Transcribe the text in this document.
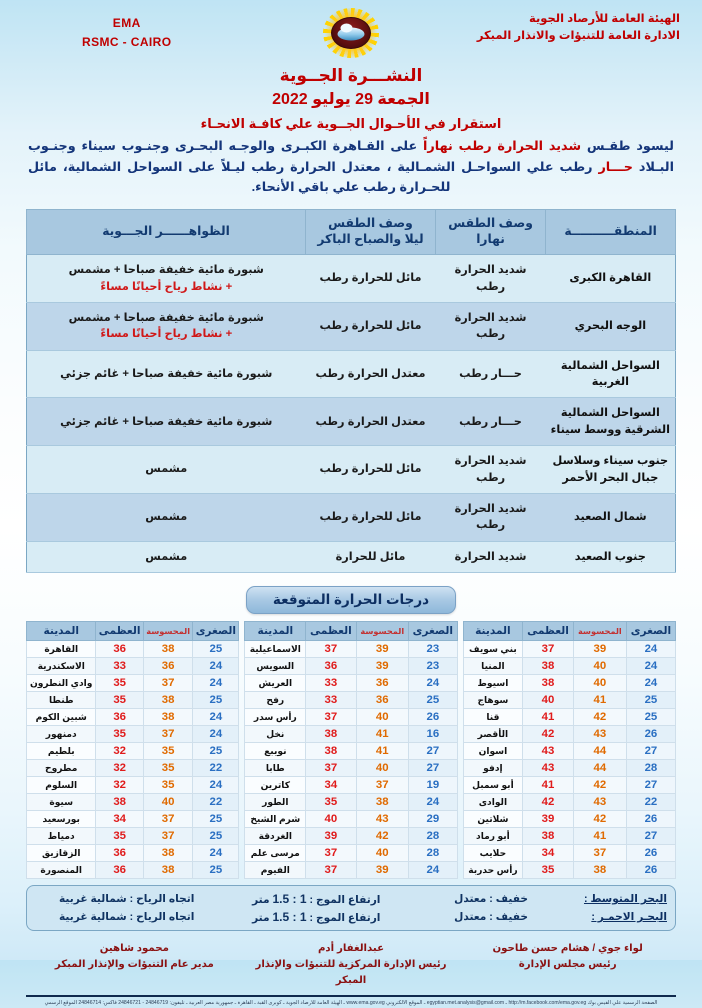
الهيئة العامة للأرصاد الجوية
الادارة العامة للتنبؤات والانذار المبكر
EMA
RSMC - CAIRO
النشـــرة الجــوية
الجمعة 29 يوليو 2022
استقرار في الأحـوال الجــوية علي كافـة الانحـاء
ليسود طقـس شديد الحرارة رطب نهاراً على القـاهرة الكبـرى والوجـه البحـرى وجنـوب سيناء وجنـوب البـلاد حـــار رطب علي السواحـل الشمـالية ، معتدل الحرارة رطب ليـلاً على السواحل الشمالية، مائل للحـرارة رطب علي باقي الأنحاء.
المنطقــــــــــة	
وصف الطقس
نهارا

وصف الطقس
ليلا والصباح الباكر
	الظواهــــــر الجـــوية
القاهرة الكبرى	شديد الحرارة رطب	مائل للحرارة رطب	شبورة مائية خفيفة صباحا + مشمس
+ نشاط رياح أحيانًا مساءً

الوجه البحري	شديد الحرارة رطب	مائل للحرارة رطب	شبورة مائية خفيفة صباحا + مشمس
+ نشاط رياح أحيانًا مساءً

السواحل الشمالية الغربية	حـــار رطب	معتدل الحرارة رطب	شبورة مائية خفيفة صباحا + غائم جزئي

السواحل الشمالية الشرقية ووسط سيناء	حـــار رطب	معتدل الحرارة رطب	شبورة مائية خفيفة صباحا + غائم جزئي

جنوب سيناء وسلاسل جبال البحر الأحمر	شديد الحرارة رطب	مائل للحرارة رطب	مشمس

شمال الصعيد	شديد الحرارة رطب	مائل للحرارة رطب	مشمس

جنوب الصعيد	شديد الحرارة	مائل للحرارة	مشمس
درجات الحرارة المتوقعة
الصغرى	المحسوسة	العظمى	المدينة
24	39	37	بني سويف
24	40	38	المنيا
24	40	38	اسيوط
25	41	40	سوهاج
25	42	41	قنا
26	43	42	الأقصر
27	44	43	اسوان
28	44	43	إدفو
27	42	41	أبو سمبل
22	43	42	الوادى
26	42	39	شلاتين
27	41	38	أبو رماد
26	37	34	حلايب
26	38	35	رأس حدربة
الصغرى	المحسوسة	العظمى	المدينة
23	39	37	الاسماعيلية
23	39	36	السويس
24	36	33	العريش
25	36	33	رفح
26	40	37	رأس سدر
16	41	38	نخل
27	41	38	نويبع
27	40	37	طابا
19	37	34	كاترين
24	38	35	الطور
29	43	40	شرم الشيخ
28	42	39	الغردقة
28	40	37	مرسى علم
24	39	37	الفيوم
الصغرى	المحسوسة	العظمى	المدينة
25	38	36	القاهرة
24	36	33	الاسكندرية
24	37	35	وادي النطرون
25	38	35	طنطا
24	38	36	شبين الكوم
24	37	35	دمنهور
25	35	32	بلطيم
22	35	32	مطروح
24	35	32	السلوم
22	40	38	سيوة
25	37	34	بورسعيد
25	37	35	دمياط
24	38	36	الزقازيق
25	38	36	المنصورة
البحر المتوسط :
خفيف : معتدل
ارتفاع الموج : 1 : 1.5 متر
اتجاه الرياح : شمالية غربية
البحـر الاحمـر :
خفيف : معتدل
ارتفاع الموج : 1 : 1.5 متر
اتجاه الرياح : شمالية غربية
لواء جوي / هشام حسن طاحون
رئيس مجلس الإدارة
عبدالغفار أدم
رئيس الإدارة المركزية للتنبؤات والإنذار المبكر
محمود شاهين
مدير عام التنبؤات والإنذار المبكر
الصفحة الرسمية علي الفيس بوك http://m.facebook.com/ema.gov.eg ـ egyptian.met.analysis@gmail.com ـ الموقع الالكتروني www.ema.gov.eg ـ الهيئة العامة للأرصاد الجوية ـ كوبرى القبة ـ القاهرة ـ جمهورية مصر العربية ـ تليفون: 24846719 - 24846721 فاكس: 24846714 الموقع الرسمي
